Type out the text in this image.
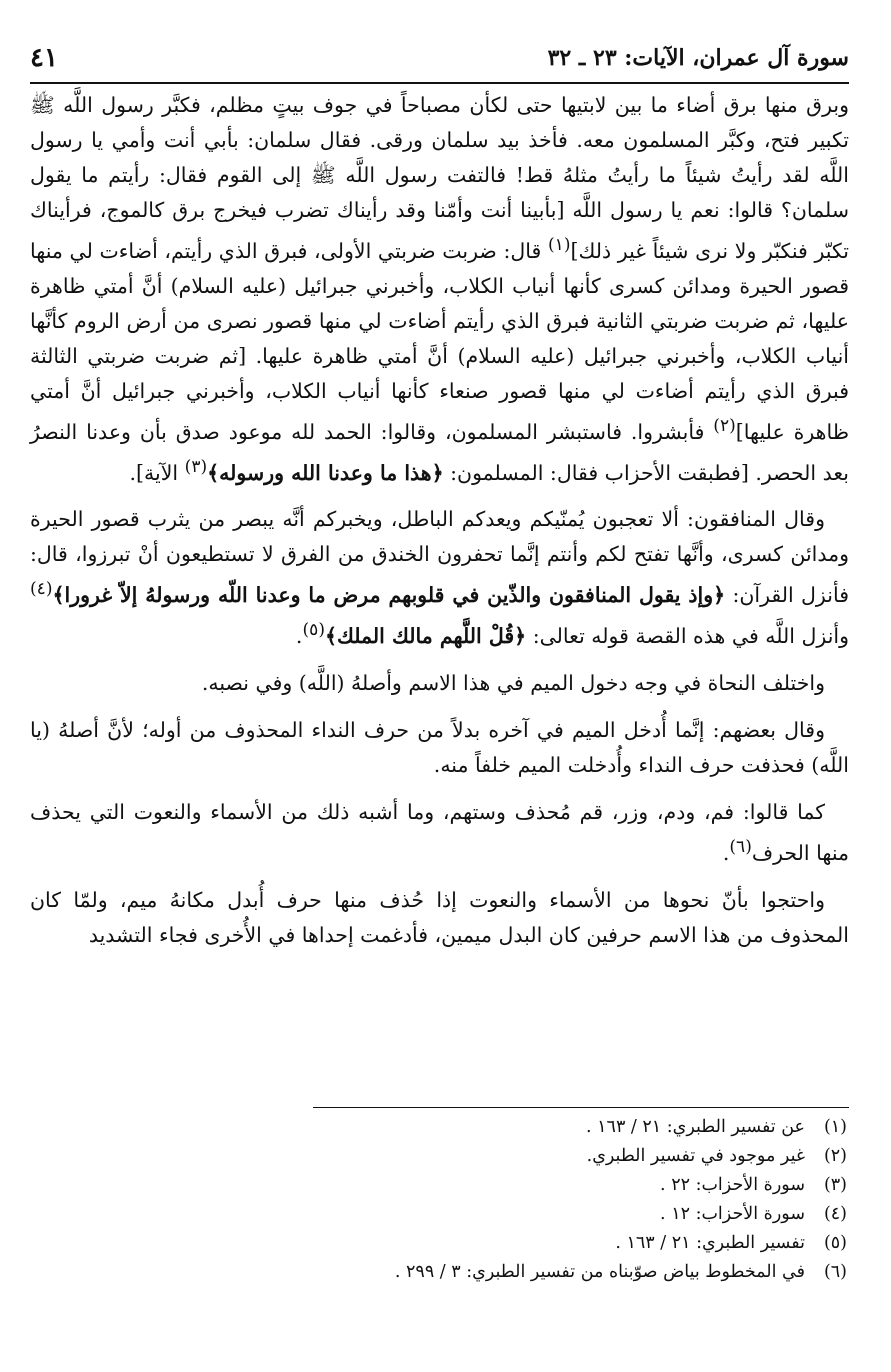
سورة آل عمران، الآيات: ٢٣ ـ ٣٢
٤١

وبرق منها برق أضاء ما بين لابتيها حتى لكأن مصباحاً في جوف بيتٍ مظلم، فكبَّر رسول اللَّه ﷺ تكبير فتح، وكبَّر المسلمون معه. فأخذ بيد سلمان ورقى. فقال سلمان: بأبي أنت وأمي يا رسول اللَّه لقد رأيتُ شيئاً ما رأيتُ مثلهُ قط! فالتفت رسول اللَّه ﷺ إلى القوم فقال: رأيتم ما يقول سلمان؟ قالوا: نعم يا رسول اللَّه [بأبينا أنت وأمّنا وقد رأيناك تضرب فيخرج برق كالموج، فرأيناك تكبّر فنكبّر ولا نرى شيئاً غير ذلك]$^{(١)}$ قال: ضربت ضربتي الأولى، فبرق الذي رأيتم، أضاءت لي منها قصور الحيرة ومدائن كسرى كأنها أنياب الكلاب، وأخبرني جبرائيل (عليه السلام) أنَّ أمتي ظاهرة عليها، ثم ضربت ضربتي الثانية فبرق الذي رأيتم أضاءت لي منها قصور نصرى من أرض الروم كأنَّها أنياب الكلاب، وأخبرني جبرائيل (عليه السلام) أنَّ أمتي ظاهرة عليها. [ثم ضربت ضربتي الثالثة فبرق الذي رأيتم أضاءت لي منها قصور صنعاء كأنها أنياب الكلاب، وأخبرني جبرائيل أنَّ أمتي ظاهرة عليها]$^{(٢)}$ فأبشروا. فاستبشر المسلمون، وقالوا: الحمد لله موعود صدق بأن وعدنا النصرُ بعد الحصر. [فطبقت الأحزاب فقال: المسلمون: ﴿هذا ما وعدنا الله ورسوله﴾$^{(٣)}$ الآية].

وقال المنافقون: ألا تعجبون يُمنّيكم ويعدكم الباطل، ويخبركم أنَّه يبصر من يثرب قصور الحيرة ومدائن كسرى، وأنَّها تفتح لكم وأنتم إنَّما تحفرون الخندق من الفرق لا تستطيعون أنْ تبرزوا، قال: فأنزل القرآن: ﴿وإذ يقول المنافقون والذّين في قلوبهم مرض ما وعدنا اللّه ورسولهُ إلاّ غرورا﴾$^{(٤)}$ وأنزل اللَّه في هذه القصة قوله تعالى: ﴿قُلْ اللَّهم مالك الملك﴾$^{(٥)}$.

واختلف النحاة في وجه دخول الميم في هذا الاسم وأصلهُ (اللَّه) وفي نصبه.

وقال بعضهم: إنَّما أُدخل الميم في آخره بدلاً من حرف النداء المحذوف من أوله؛ لأنَّ أصلهُ (يا اللَّه) فحذفت حرف النداء وأُدخلت الميم خلفاً منه.

كما قالوا: فم، ودم، وزر، قم مُحذف وستهم، وما أشبه ذلك من الأسماء والنعوت التي يحذف منها الحرف$^{(٦)}$.

واحتجوا بأنّ نحوها من الأسماء والنعوت إذا حُذف منها حرف أُبدل مكانهُ ميم، ولمّا كان المحذوف من هذا الاسم حرفين كان البدل ميمين، فأدغمت إحداها في الأُخرى فجاء التشديد

(١)
عن تفسير الطبري: ٢١ / ١٦٣ .
(٢)
غير موجود في تفسير الطبري.
(٣)
سورة الأحزاب: ٢٢ .
(٤)
سورة الأحزاب: ١٢ .
(٥)
تفسير الطبري: ٢١ / ١٦٣ .
(٦)
في المخطوط بياض صوّبناه من تفسير الطبري: ٣ / ٢٩٩ .
